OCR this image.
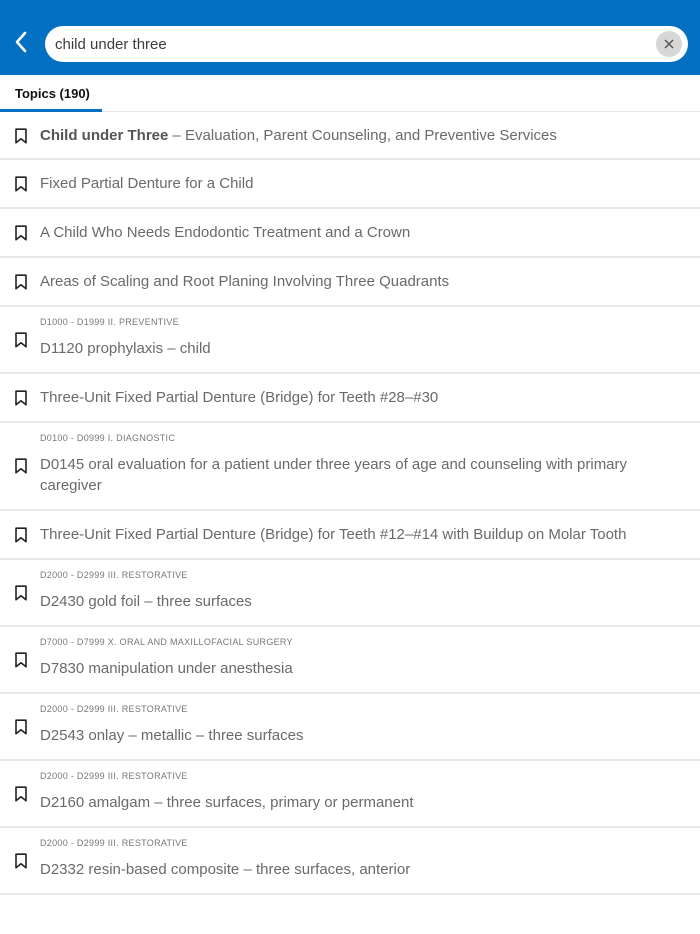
child under three
Topics (190)
Child under Three – Evaluation, Parent Counseling, and Preventive Services
Fixed Partial Denture for a Child
A Child Who Needs Endodontic Treatment and a Crown
Areas of Scaling and Root Planing Involving Three Quadrants
D1000 - D1999 II. PREVENTIVE
D1120 prophylaxis – child
Three-Unit Fixed Partial Denture (Bridge) for Teeth #28–#30
D0100 - D0999 I. DIAGNOSTIC
D0145 oral evaluation for a patient under three years of age and counseling with primary caregiver
Three-Unit Fixed Partial Denture (Bridge) for Teeth #12–#14 with Buildup on Molar Tooth
D2000 - D2999 III. RESTORATIVE
D2430 gold foil – three surfaces
D7000 - D7999 X. ORAL AND MAXILLOFACIAL SURGERY
D7830 manipulation under anesthesia
D2000 - D2999 III. RESTORATIVE
D2543 onlay – metallic – three surfaces
D2000 - D2999 III. RESTORATIVE
D2160 amalgam – three surfaces, primary or permanent
D2000 - D2999 III. RESTORATIVE
D2332 resin-based composite – three surfaces, anterior
